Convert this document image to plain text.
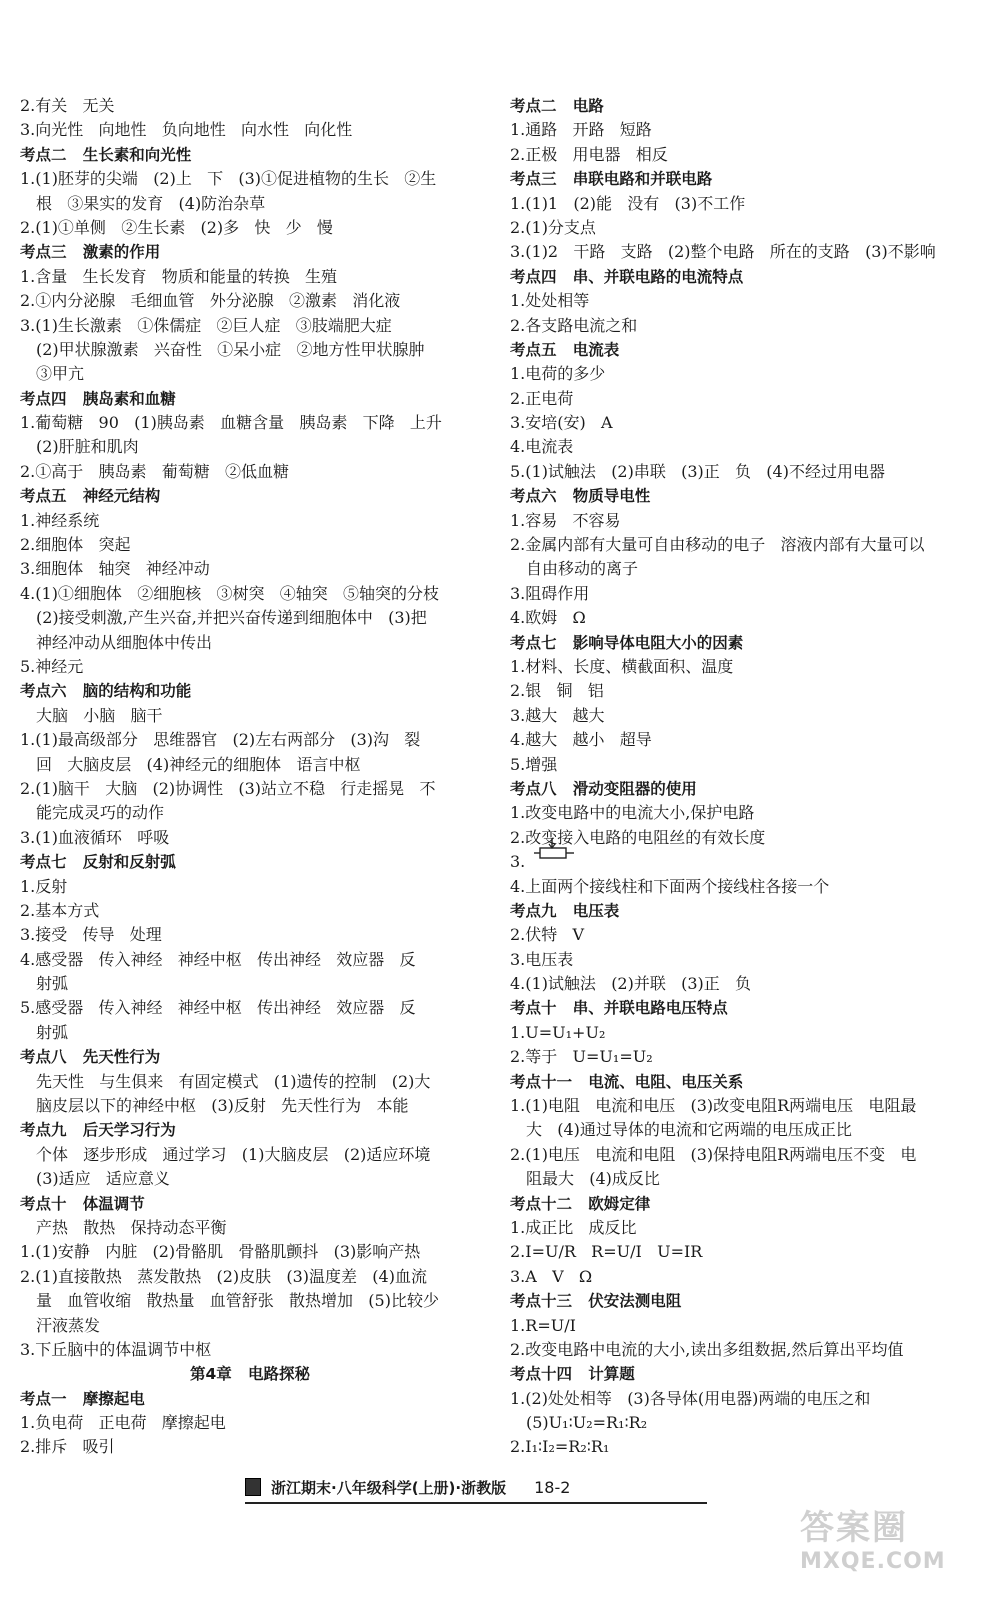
2.有关   无关
3.向光性   向地性   负向地性   向水性   向化性
考点二   生长素和向光性
1.(1)胚芽的尖端   (2)上   下   (3)①促进植物的生长   ②生
根   ③果实的发育   (4)防治杂草
2.(1)①单侧   ②生长素   (2)多   快   少   慢
考点三   激素的作用
1.含量   生长发育   物质和能量的转换   生殖
2.①内分泌腺   毛细血管   外分泌腺   ②激素   消化液
3.(1)生长激素   ①侏儒症   ②巨人症   ③肢端肥大症
(2)甲状腺激素   兴奋性   ①呆小症   ②地方性甲状腺肿
③甲亢
考点四   胰岛素和血糖
1.葡萄糖   90   (1)胰岛素   血糖含量   胰岛素   下降   上升
(2)肝脏和肌肉
2.①高于   胰岛素   葡萄糖   ②低血糖
考点五   神经元结构
1.神经系统
2.细胞体   突起
3.细胞体   轴突   神经冲动
4.(1)①细胞体   ②细胞核   ③树突   ④轴突   ⑤轴突的分枝
(2)接受刺激,产生兴奋,并把兴奋传递到细胞体中   (3)把
神经冲动从细胞体中传出
5.神经元
考点六   脑的结构和功能
大脑   小脑   脑干
1.(1)最高级部分   思维器官   (2)左右两部分   (3)沟   裂
回   大脑皮层   (4)神经元的细胞体   语言中枢
2.(1)脑干   大脑   (2)协调性   (3)站立不稳   行走摇晃   不
能完成灵巧的动作
3.(1)血液循环   呼吸
考点七   反射和反射弧
1.反射
2.基本方式
3.接受   传导   处理
4.感受器   传入神经   神经中枢   传出神经   效应器   反
射弧
5.感受器   传入神经   神经中枢   传出神经   效应器   反
射弧
考点八   先天性行为
先天性   与生俱来   有固定模式   (1)遗传的控制   (2)大
脑皮层以下的神经中枢   (3)反射   先天性行为   本能
考点九   后天学习行为
个体   逐步形成   通过学习   (1)大脑皮层   (2)适应环境
(3)适应   适应意义
考点十   体温调节
产热   散热   保持动态平衡
1.(1)安静   内脏   (2)骨骼肌   骨骼肌颤抖   (3)影响产热
2.(1)直接散热   蒸发散热   (2)皮肤   (3)温度差   (4)血流
量   血管收缩   散热量   血管舒张   散热增加   (5)比较少
汗液蒸发
3.下丘脑中的体温调节中枢
第4章   电路探秘
考点一   摩擦起电
1.负电荷   正电荷   摩擦起电
2.排斥   吸引
考点二   电路
1.通路   开路   短路
2.正极   用电器   相反
考点三   串联电路和并联电路
1.(1)1   (2)能   没有   (3)不工作
2.(1)分支点
3.(1)2   干路   支路   (2)整个电路   所在的支路   (3)不影响
考点四   串、并联电路的电流特点
1.处处相等
2.各支路电流之和
考点五   电流表
1.电荷的多少
2.正电荷
3.安培(安)   A
4.电流表
5.(1)试触法   (2)串联   (3)正   负   (4)不经过用电器
考点六   物质导电性
1.容易   不容易
2.金属内部有大量可自由移动的电子   溶液内部有大量可以
自由移动的离子
3.阻碍作用
4.欧姆   Ω
考点七   影响导体电阻大小的因素
1.材料、长度、横截面积、温度
2.银   铜   铝
3.越大   越大
4.越大   越小   超导
5.增强
考点八   滑动变阻器的使用
1.改变电路中的电流大小,保护电路
2.改变接入电路的电阻丝的有效长度
3.
4.上面两个接线柱和下面两个接线柱各接一个
考点九   电压表
2.伏特   V
3.电压表
4.(1)试触法   (2)并联   (3)正   负
考点十   串、并联电路电压特点
1.U=U₁+U₂
2.等于   U=U₁=U₂
考点十一   电流、电阻、电压关系
1.(1)电阻   电流和电压   (3)改变电阻R两端电压   电阻最
大   (4)通过导体的电流和它两端的电压成正比
2.(1)电压   电流和电阻   (3)保持电阻R两端电压不变   电
阻最大   (4)成反比
考点十二   欧姆定律
1.成正比   成反比
2.I=U/R   R=U/I   U=IR
3.A   V   Ω
考点十三   伏安法测电阻
1.R=U/I
2.改变电路中电流的大小,读出多组数据,然后算出平均值
考点十四   计算题
1.(2)处处相等   (3)各导体(用电器)两端的电压之和
(5)U₁∶U₂=R₁∶R₂
2.I₁∶I₂=R₂∶R₁
浙江期末·八年级科学(上册)·浙教版 18-2
答案圈
MXQE.COM
